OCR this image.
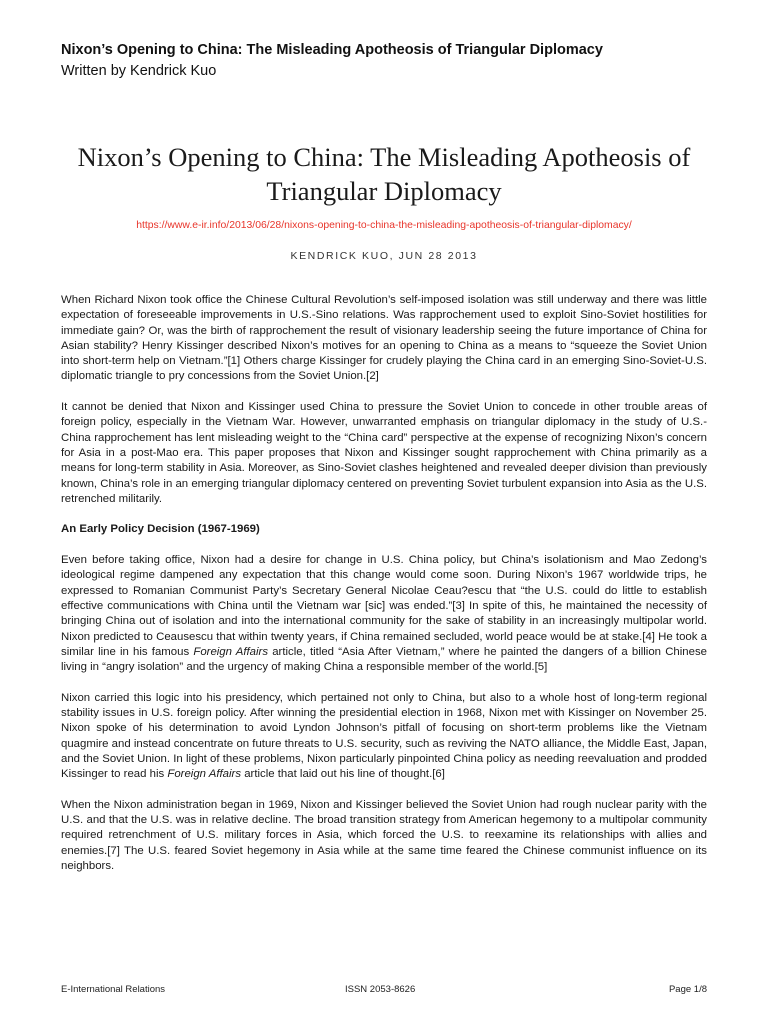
Nixon’s Opening to China: The Misleading Apotheosis of Triangular Diplomacy
Written by Kendrick Kuo
Nixon’s Opening to China: The Misleading Apotheosis of Triangular Diplomacy
https://www.e-ir.info/2013/06/28/nixons-opening-to-china-the-misleading-apotheosis-of-triangular-diplomacy/
KENDRICK KUO, JUN 28 2013

When Richard Nixon took office the Chinese Cultural Revolution’s self-imposed isolation was still underway and there was little expectation of foreseeable improvements in U.S.-Sino relations. Was rapprochement used to exploit Sino-Soviet hostilities for immediate gain? Or, was the birth of rapprochement the result of visionary leadership seeing the future importance of China for Asian stability? Henry Kissinger described Nixon’s motives for an opening to China as a means to “squeeze the Soviet Union into short-term help on Vietnam.”[1] Others charge Kissinger for crudely playing the China card in an emerging Sino-Soviet-U.S. diplomatic triangle to pry concessions from the Soviet Union.[2]

It cannot be denied that Nixon and Kissinger used China to pressure the Soviet Union to concede in other trouble areas of foreign policy, especially in the Vietnam War. However, unwarranted emphasis on triangular diplomacy in the study of U.S.-China rapprochement has lent misleading weight to the “China card” perspective at the expense of recognizing Nixon’s concern for Asia in a post-Mao era. This paper proposes that Nixon and Kissinger sought rapprochement with China primarily as a means for long-term stability in Asia. Moreover, as Sino-Soviet clashes heightened and revealed deeper division than previously known, China’s role in an emerging triangular diplomacy centered on preventing Soviet turbulent expansion into Asia as the U.S. retrenched militarily.

An Early Policy Decision (1967-1969)

Even before taking office, Nixon had a desire for change in U.S. China policy, but China’s isolationism and Mao Zedong’s ideological regime dampened any expectation that this change would come soon. During Nixon’s 1967 worldwide trips, he expressed to Romanian Communist Party’s Secretary General Nicolae Ceau?escu that “the U.S. could do little to establish effective communications with China until the Vietnam war [sic] was ended.”[3] In spite of this, he maintained the necessity of bringing China out of isolation and into the international community for the sake of stability in an increasingly multipolar world. Nixon predicted to Ceausescu that within twenty years, if China remained secluded, world peace would be at stake.[4] He took a similar line in his famous Foreign Affairs article, titled “Asia After Vietnam,” where he painted the dangers of a billion Chinese living in “angry isolation” and the urgency of making China a responsible member of the world.[5]

Nixon carried this logic into his presidency, which pertained not only to China, but also to a whole host of long-term regional stability issues in U.S. foreign policy. After winning the presidential election in 1968, Nixon met with Kissinger on November 25. Nixon spoke of his determination to avoid Lyndon Johnson’s pitfall of focusing on short-term problems like the Vietnam quagmire and instead concentrate on future threats to U.S. security, such as reviving the NATO alliance, the Middle East, Japan, and the Soviet Union. In light of these problems, Nixon particularly pinpointed China policy as needing reevaluation and prodded Kissinger to read his Foreign Affairs article that laid out his line of thought.[6]

When the Nixon administration began in 1969, Nixon and Kissinger believed the Soviet Union had rough nuclear parity with the U.S. and that the U.S. was in relative decline. The broad transition strategy from American hegemony to a multipolar community required retrenchment of U.S. military forces in Asia, which forced the U.S. to reexamine its relationships with allies and enemies.[7] The U.S. feared Soviet hegemony in Asia while at the same time feared the Chinese communist influence on its neighbors.

E-International Relations	ISSN 2053-8626	Page 1/8
